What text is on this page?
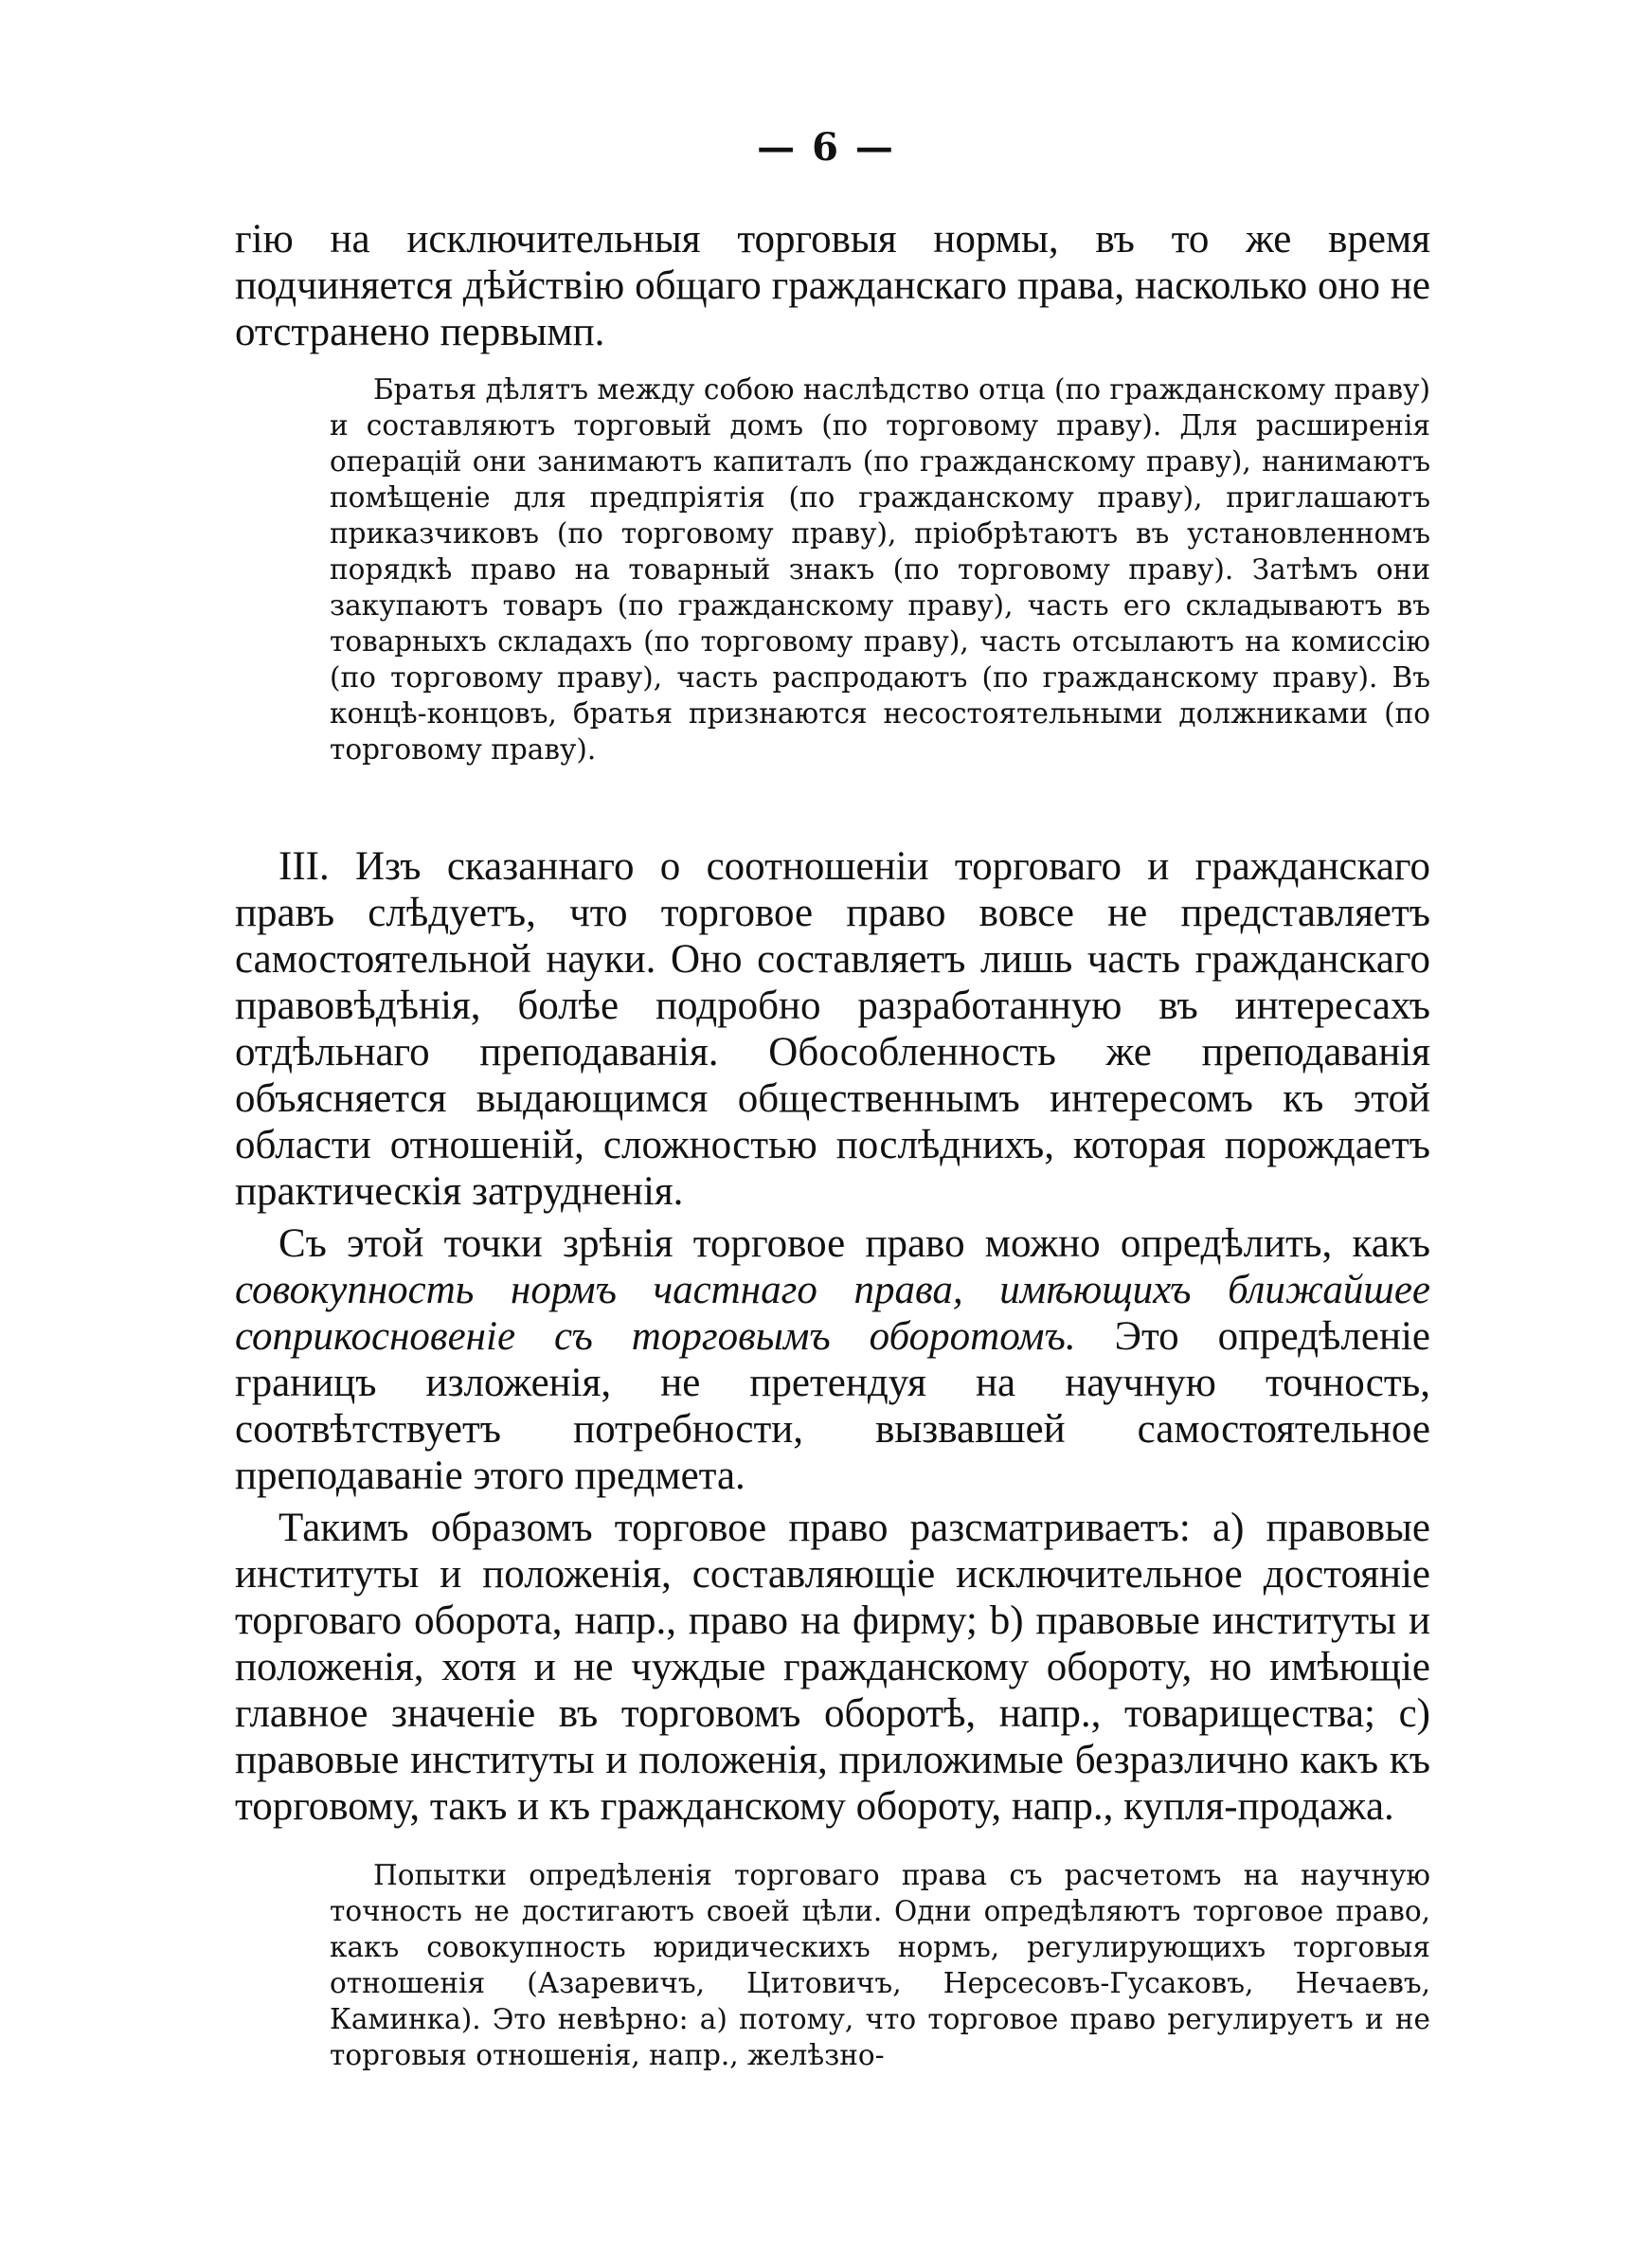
— 6 —

гію на исключительныя торговыя нормы, въ то же время подчиняется дѣйствію общаго гражданскаго права, насколько оно не отстранено первымп.

Братья дѣлятъ между собою наслѣдство отца (по гражданскому праву) и составляютъ торговый домъ (по торговому праву). Для расширенія операцій они занимаютъ капиталъ (по гражданскому праву), нанимаютъ помѣщеніе для предпріятія (по гражданскому праву), приглашаютъ приказчиковъ (по торговому праву), пріобрѣтаютъ въ установленномъ порядкѣ право на товарный знакъ (по торговому праву). Затѣмъ они закупаютъ товаръ (по гражданскому праву), часть его складываютъ въ товарныхъ складахъ (по торговому праву), часть отсылаютъ на комиссію (по торговому праву), часть распродаютъ (по гражданскому праву). Въ концѣ-концовъ, братья признаются несостоятельными должниками (по торговому праву).

III. Изъ сказаннаго о соотношеніи торговаго и гражданскаго правъ слѣдуетъ, что торговое право вовсе не представляетъ самостоятельной науки. Оно составляетъ лишь часть гражданскаго правовѣдѣнія, болѣе подробно разработанную въ интересахъ отдѣльнаго преподаванія. Обособленность же преподаванія объясняется выдающимся общественнымъ интересомъ къ этой области отношеній, сложностью послѣднихъ, которая порождаетъ практическія затрудненія.

Съ этой точки зрѣнія торговое право можно опредѣлить, какъ совокупность нормъ частнаго права, имѣющихъ ближайшее соприкосновеніе съ торговымъ оборотомъ. Это опредѣленіе границъ изложенія, не претендуя на научную точность, соотвѣтствуетъ потребности, вызвавшей самостоятельное преподаваніе этого предмета.

Такимъ образомъ торговое право разсматриваетъ: a) правовые институты и положенія, составляющіе исключительное достояніе торговаго оборота, напр., право на фирму; b) правовые институты и положенія, хотя и не чуждые гражданскому обороту, но имѣющіе главное значеніе въ торговомъ оборотѣ, напр., товарищества; c) правовые институты и положенія, приложимые безразлично какъ къ торговому, такъ и къ гражданскому обороту, напр., купля-продажа.

Попытки опредѣленія торговаго права съ расчетомъ на научную точность не достигаютъ своей цѣли. Одни опредѣляютъ торговое право, какъ совокупность юридическихъ нормъ, регулирующихъ торговыя отношенія (Азаревичъ, Цитовичъ, Нерсесовъ-Гусаковъ, Нечаевъ, Каминка). Это невѣрно: a) потому, что торговое право регулируетъ и не торговыя отношенія, напр., желѣзно-
